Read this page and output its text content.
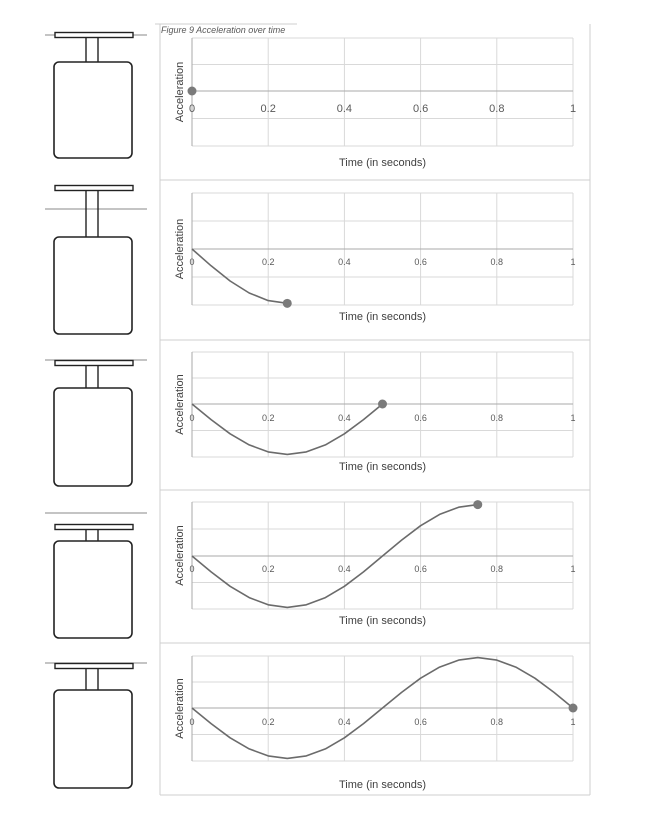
Figure 9 Acceleration over time
0	0.2	0.4	0.6	0.8	1
Time (in seconds)
Acceleration
0	0.2	0.4	0.6	0.8	1
Time (in seconds)
Acceleration
0	0.2	0.4	0.6	0.8	1
Time (in seconds)
Acceleration
0	0.2	0.4	0.6	0.8	1
Time (in seconds)
Acceleration
0	0.2	0.4	0.6	0.8	1
Time (in seconds)
Acceleration
